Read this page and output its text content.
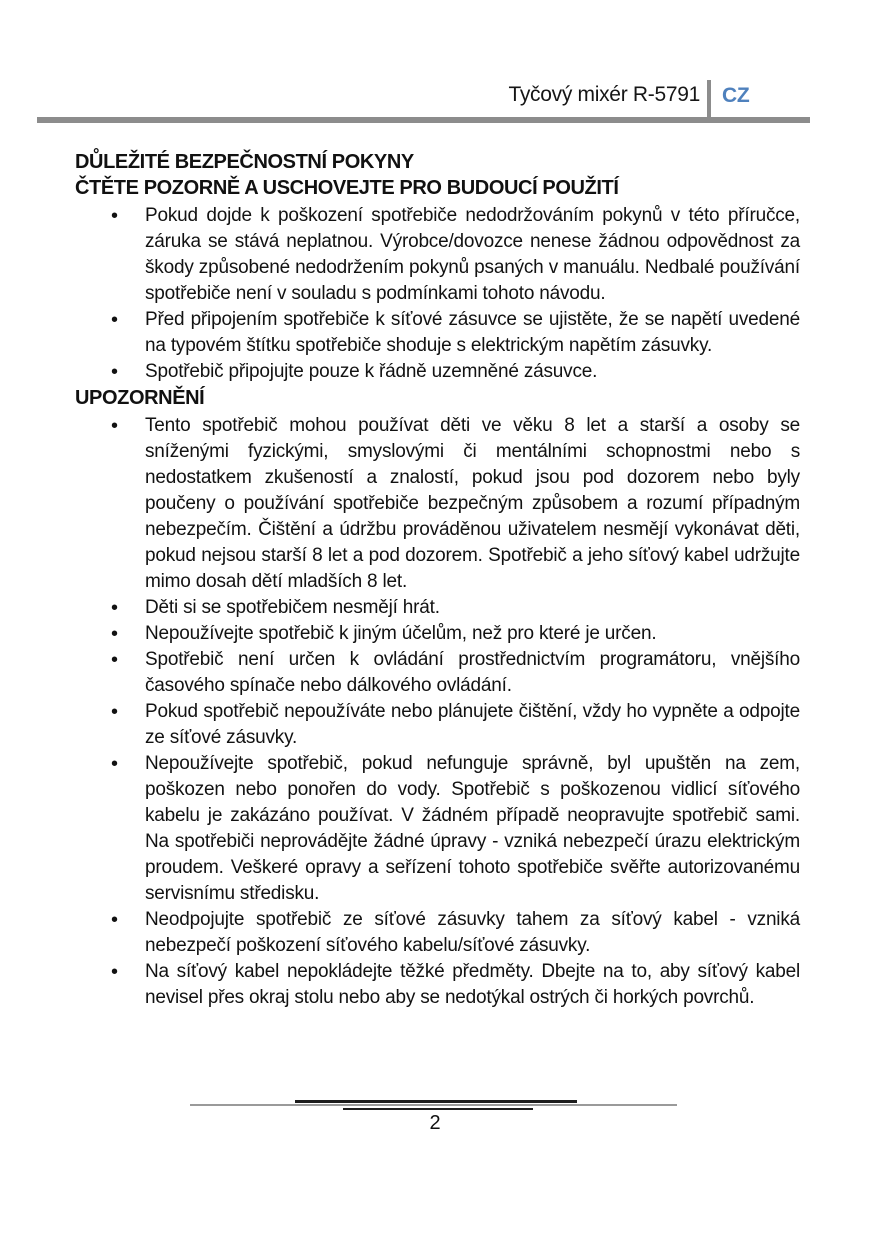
Tyčový mixér R-5791 CZ
DŮLEŽITÉ BEZPEČNOSTNÍ POKYNY
ČTĚTE POZORNĚ A USCHOVEJTE PRO BUDOUCÍ POUŽITÍ
• Pokud dojde k poškození spotřebiče nedodržováním pokynů v této příručce, záruka se stává neplatnou. Výrobce/dovozce nenese žádnou odpovědnost za škody způsobené nedodržením pokynů psaných v manuálu. Nedbalé používání spotřebiče není v souladu s podmínkami tohoto návodu.
• Před připojením spotřebiče k síťové zásuvce se ujistěte, že se napětí uvedené na typovém štítku spotřebiče shoduje s elektrickým napětím zásuvky.
• Spotřebič připojujte pouze k řádně uzemněné zásuvce.
UPOZORNĚNÍ
• Tento spotřebič mohou používat děti ve věku 8 let a starší a osoby se sníženými fyzickými, smyslovými či mentálními schopnostmi nebo s nedostatkem zkušeností a znalostí, pokud jsou pod dozorem nebo byly poučeny o používání spotřebiče bezpečným způsobem a rozumí případným nebezpečím. Čištění a údržbu prováděnou uživatelem nesmějí vykonávat děti, pokud nejsou starší 8 let a pod dozorem. Spotřebič a jeho síťový kabel udržujte mimo dosah dětí mladších 8 let.
• Děti si se spotřebičem nesmějí hrát.
• Nepoužívejte spotřebič k jiným účelům, než pro které je určen.
• Spotřebič není určen k ovládání prostřednictvím programátoru, vnějšího časového spínače nebo dálkového ovládání.
• Pokud spotřebič nepoužíváte nebo plánujete čištění, vždy ho vypněte a odpojte ze síťové zásuvky.
• Nepoužívejte spotřebič, pokud nefunguje správně, byl upuštěn na zem, poškozen nebo ponořen do vody. Spotřebič s poškozenou vidlicí síťového kabelu je zakázáno používat. V žádném případě neopravujte spotřebič sami. Na spotřebiči neprovádějte žádné úpravy - vzniká nebezpečí úrazu elektrickým proudem. Veškeré opravy a seřízení tohoto spotřebiče svěřte autorizovanému servisnímu středisku.
• Neodpojujte spotřebič ze síťové zásuvky tahem za síťový kabel - vzniká nebezpečí poškození síťového kabelu/síťové zásuvky.
• Na síťový kabel nepokládejte těžké předměty. Dbejte na to, aby síťový kabel nevisel přes okraj stolu nebo aby se nedotýkal ostrých či horkých povrchů.
2
